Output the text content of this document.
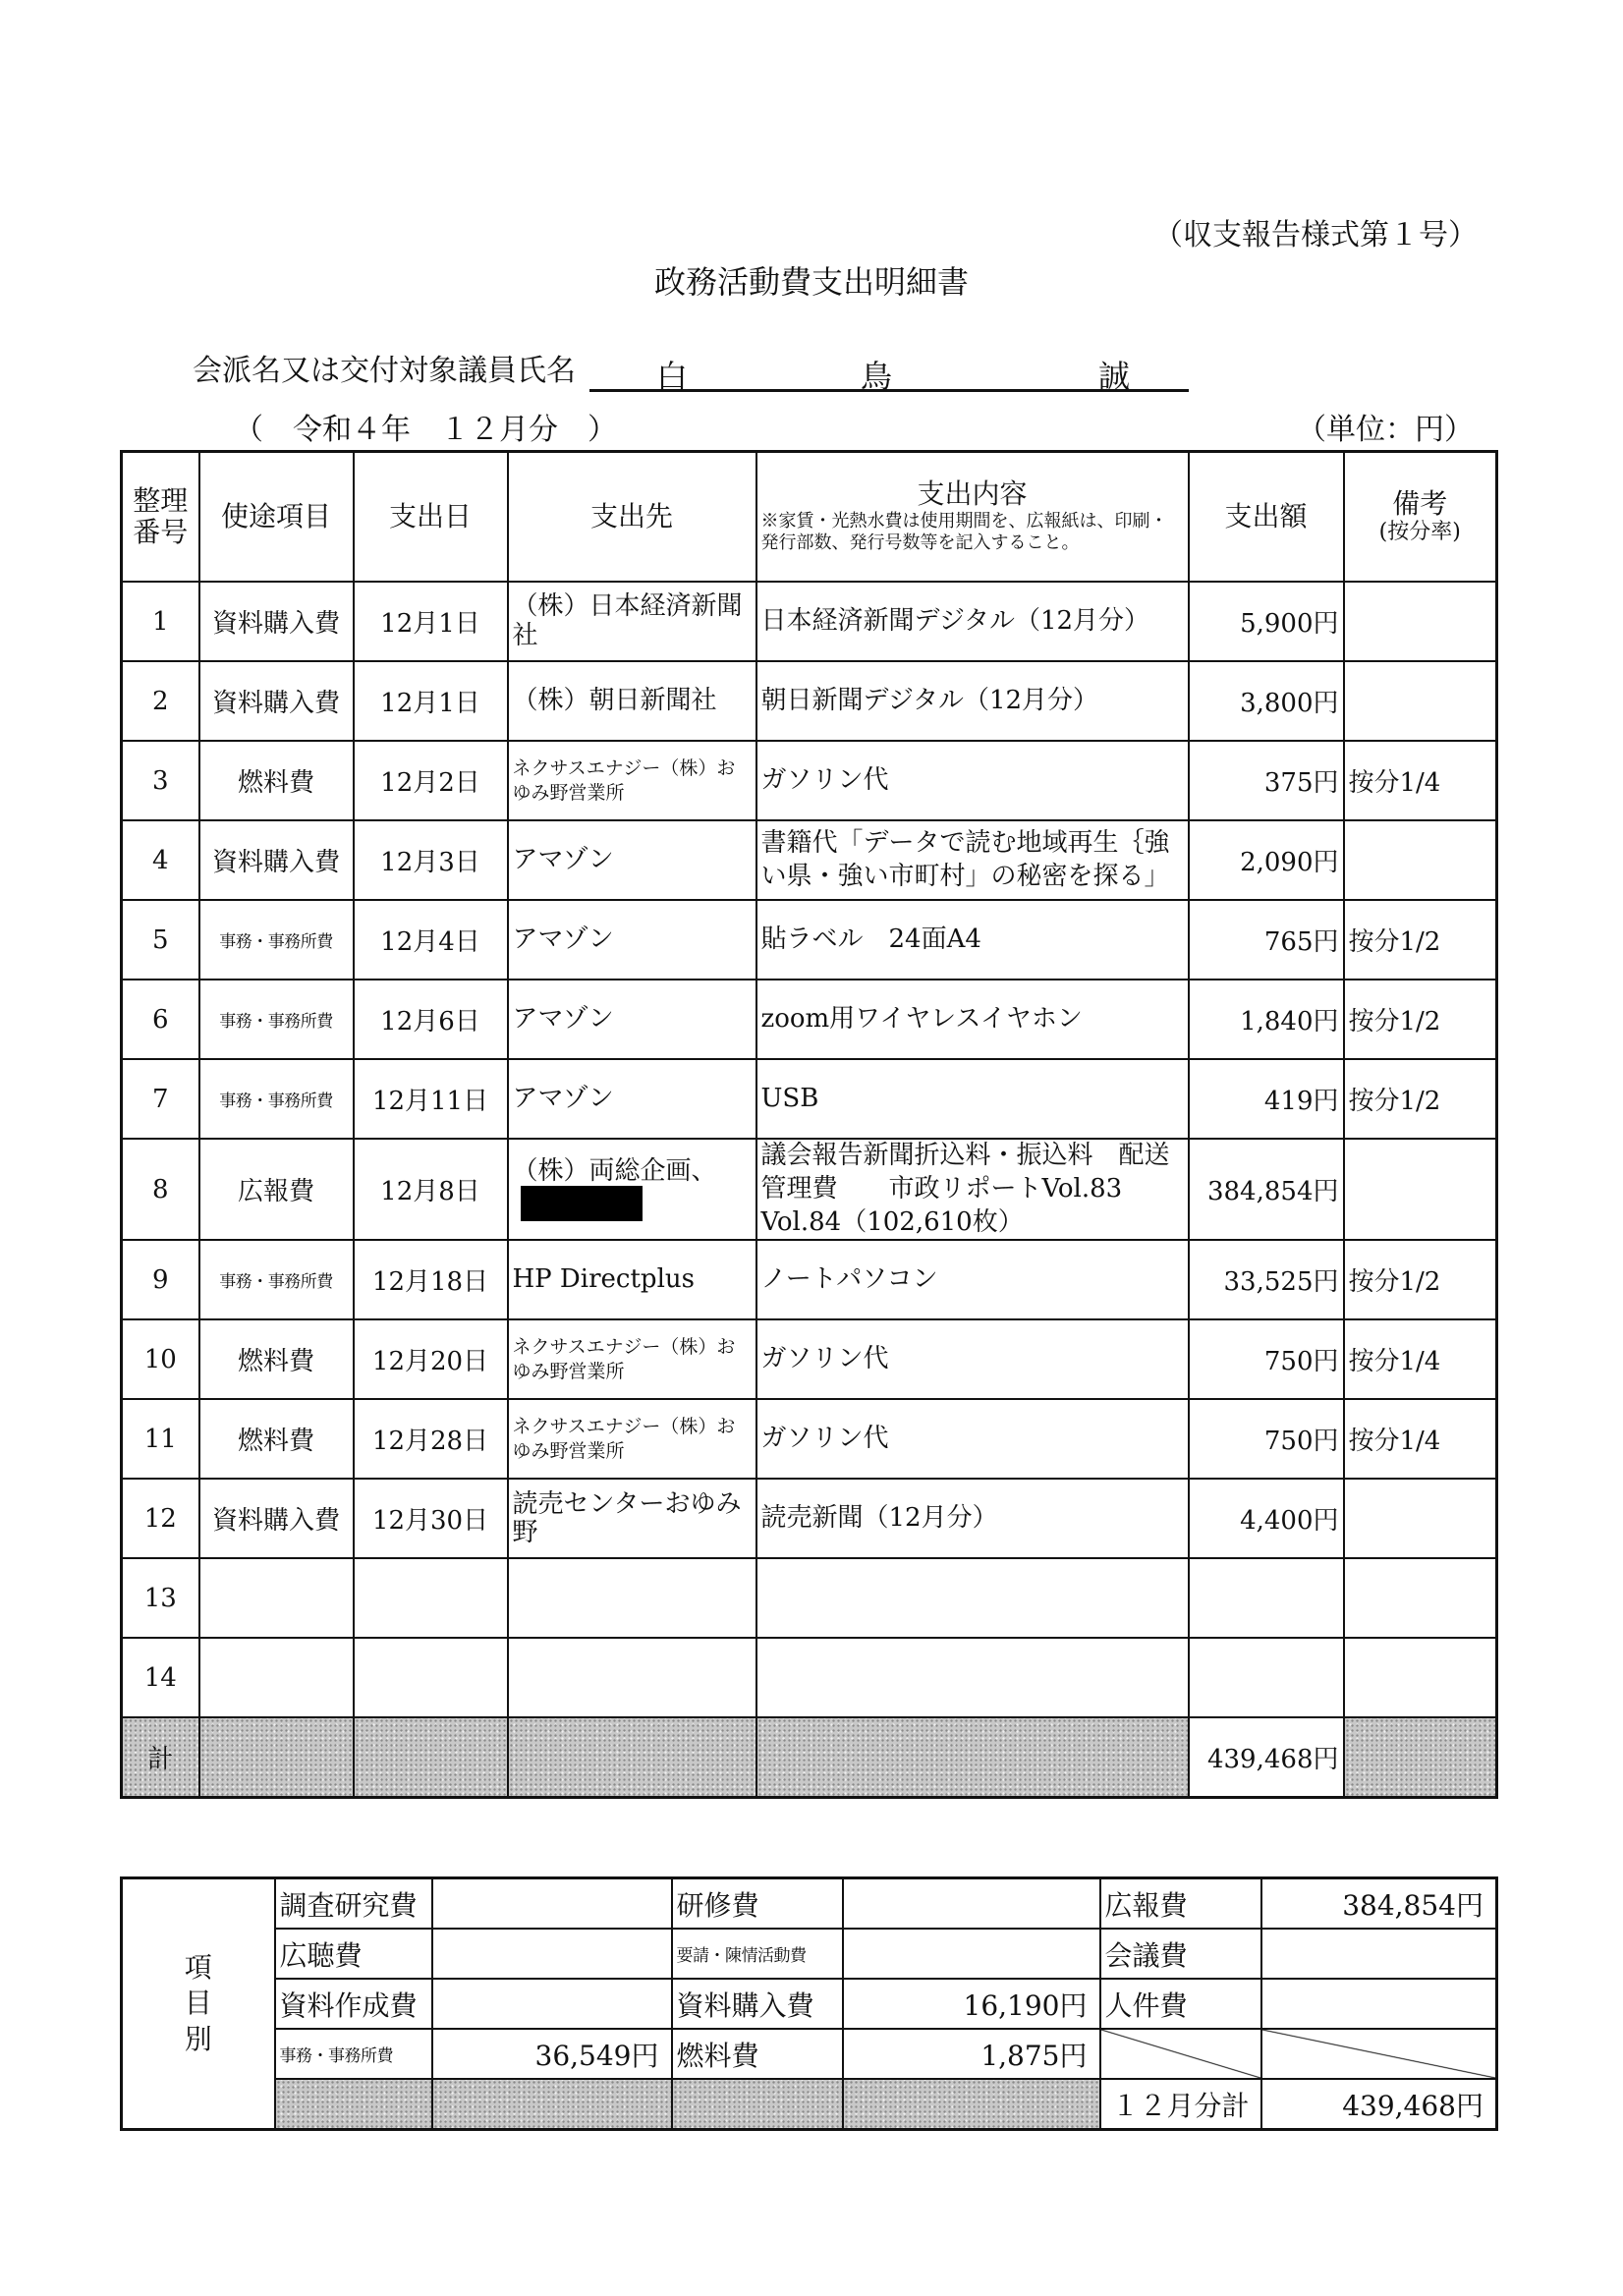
（収支報告様式第１号）
政務活動費支出明細書
会派名又は交付対象議員氏名	白	鳥	誠
（　令和４年　１２月分　）	（単位：円）
整理番号	使途項目	支出日	支出先	支出内容
※家賃・光熱水費は使用期間を、広報紙は、印刷・発行部数、発行号数等を記入すること。	支出額	備考
(按分率)

1	資料購入費	12月1日	（株）日本経済新聞社	日本経済新聞デジタル（12月分）	5,900円	
2	資料購入費	12月1日	（株）朝日新聞社	朝日新聞デジタル（12月分）	3,800円	
3	燃料費	12月2日	ネクサスエナジー（株）おゆみ野営業所	ガソリン代	375円	按分1/4
4	資料購入費	12月3日	アマゾン	書籍代「データで読む地域再生｛強い県・強い市町村」の秘密を探る」	2,090円	
5	事務・事務所費	12月4日	アマゾン	貼ラベル　24面A4	765円	按分1/2
6	事務・事務所費	12月6日	アマゾン	zoom用ワイヤレスイヤホン	1,840円	按分1/2
7	事務・事務所費	12月11日	アマゾン	USB	419円	按分1/2
8	広報費	12月8日	（株）両総企画、	議会報告新聞折込料・振込料　配送管理費　　市政リポートVol.83　Vol.84（102,610枚）	384,854円	
9	事務・事務所費	12月18日	HP Directplus	ノートパソコン	33,525円	按分1/2
10	燃料費	12月20日	ネクサスエナジー（株）おゆみ野営業所	ガソリン代	750円	按分1/4
11	燃料費	12月28日	ネクサスエナジー（株）おゆみ野営業所	ガソリン代	750円	按分1/4
12	資料購入費	12月30日	読売センターおゆみ野	読売新聞（12月分）	4,400円	
13						
14						
計					439,468円	
項目別	調査研究費		研修費		広報費	384,854円
	広聴費		要請・陳情活動費		会議費	
	資料作成費		資料購入費	16,190円	人件費	
	事務・事務所費	36,549円	燃料費	1,875円		
					１２月分計	439,468円
